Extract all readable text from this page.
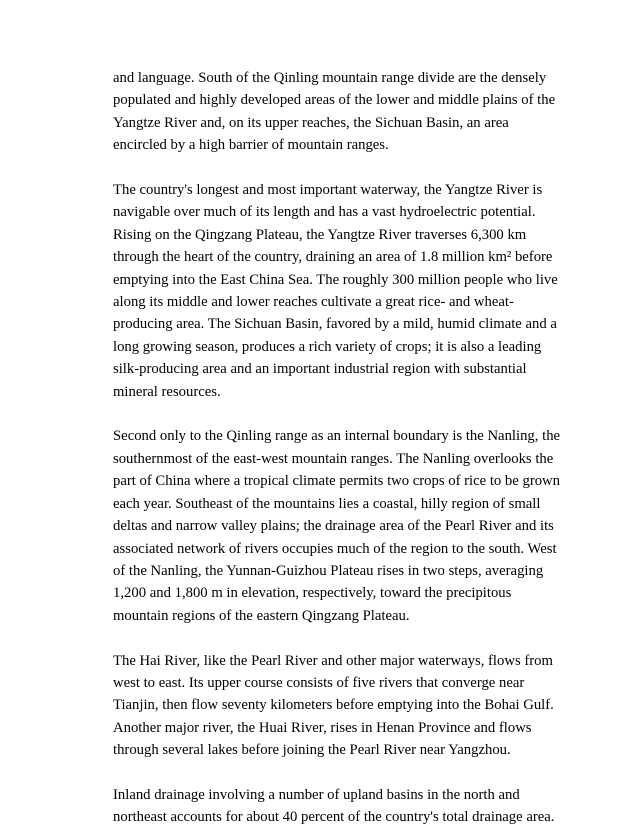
and language. South of the Qinling mountain range divide are the densely
populated and highly developed areas of the lower and middle plains of the
Yangtze River and, on its upper reaches, the Sichuan Basin, an area
encircled by a high barrier of mountain ranges.

The country's longest and most important waterway, the Yangtze River is
navigable over much of its length and has a vast hydroelectric potential.
Rising on the Qingzang Plateau, the Yangtze River traverses 6,300 km
through the heart of the country, draining an area of 1.8 million km² before
emptying into the East China Sea. The roughly 300 million people who live
along its middle and lower reaches cultivate a great rice- and wheat-
producing area. The Sichuan Basin, favored by a mild, humid climate and a
long growing season, produces a rich variety of crops; it is also a leading
silk-producing area and an important industrial region with substantial
mineral resources.

Second only to the Qinling range as an internal boundary is the Nanling, the
southernmost of the east-west mountain ranges. The Nanling overlooks the
part of China where a tropical climate permits two crops of rice to be grown
each year. Southeast of the mountains lies a coastal, hilly region of small
deltas and narrow valley plains; the drainage area of the Pearl River and its
associated network of rivers occupies much of the region to the south. West
of the Nanling, the Yunnan-Guizhou Plateau rises in two steps, averaging
1,200 and 1,800 m in elevation, respectively, toward the precipitous
mountain regions of the eastern Qingzang Plateau.

The Hai River, like the Pearl River and other major waterways, flows from
west to east. Its upper course consists of five rivers that converge near
Tianjin, then flow seventy kilometers before emptying into the Bohai Gulf.
Another major river, the Huai River, rises in Henan Province and flows
through several lakes before joining the Pearl River near Yangzhou.

Inland drainage involving a number of upland basins in the north and
northeast accounts for about 40 percent of the country's total drainage area.
